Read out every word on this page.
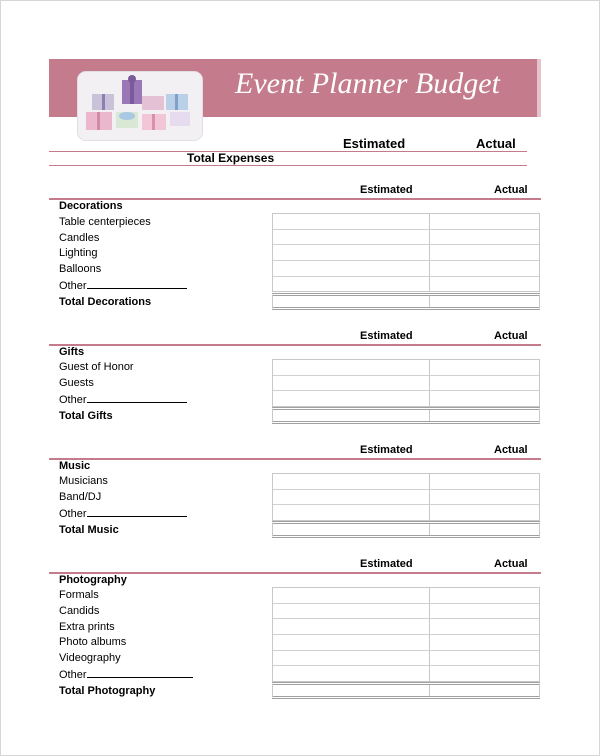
Event Planner Budget
Estimated	Actual
Total Expenses
Estimated	Actual
Decorations
Table centerpieces
Candles
Lighting
Balloons
Other
Total Decorations
Estimated	Actual
Gifts
Guest of Honor
Guests
Other
Total Gifts
Estimated	Actual
Music
Musicians
Band/DJ
Other
Total Music
Estimated	Actual
Photography
Formals
Candids
Extra prints
Photo albums
Videography
Other
Total Photography
